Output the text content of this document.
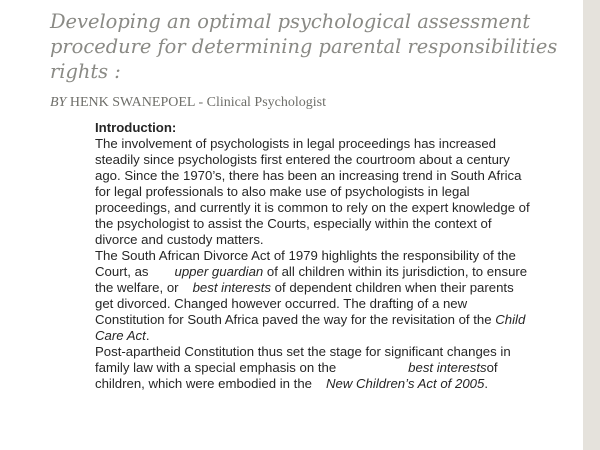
Developing an optimal psychological assessment procedure for determining parental responsibilities rights :
BY HENK SWANEPOEL - Clinical Psychologist

Introduction:

The involvement of psychologists in legal proceedings has increased steadily since psychologists first entered the courtroom about a century ago. Since the 1970’s, there has been an increasing trend in South Africa for legal professionals to also make use of psychologists in legal proceedings, and currently it is common to rely on the expert knowledge of the psychologist to assist the Courts, especially within the context of divorce and custody matters.

The South African Divorce Act of 1979 highlights the responsibility of the Court, as upper guardian of all children within its jurisdiction, to ensure the welfare, or best interests of dependent children when their parents get divorced. Changed however occurred. The drafting of a new Constitution for South Africa paved the way for the revisitation of the Child Care Act.

Post-apartheid Constitution thus set the stage for significant changes in family law with a special emphasis on the	best interestsof children, which were embodied in the New Children’s Act of 2005.
